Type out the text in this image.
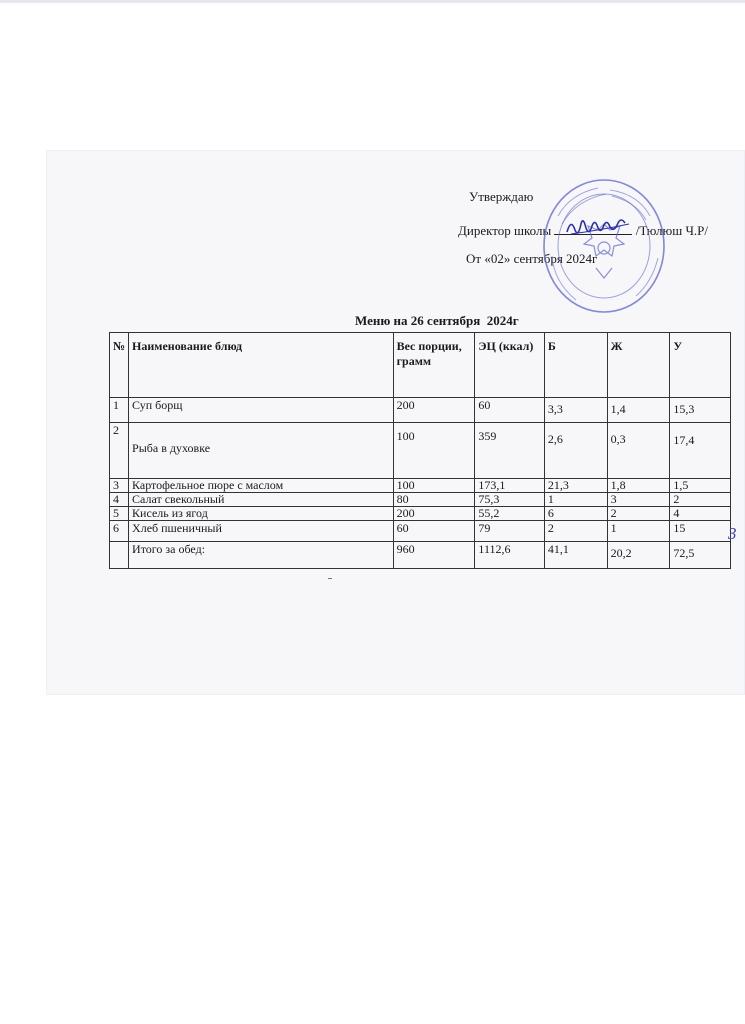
Утверждаю
Директор школы	/Тюлюш Ч.Р/
От «02» сентября 2024г
Меню на 26 сентября  2024г
№	Наименование блюд	Вес порции, грамм	ЭЦ (ккал)	Б	Ж	У
1	Суп борщ	200	60	3,3	1,4	15,3
2	Рыба в духовке	100	359	2,6	0,3	17,4
3	Картофельное пюре с маслом	100	173,1	21,3	1,8	1,5
4	Салат свекольный	80	75,3	1	3	2
5	Кисель из ягод	200	55,2	6	2	4
6	Хлеб пшеничный	60	79	2	1	15
	Итого за обед:	960	1112,6	41,1	20,2	72,5
3
